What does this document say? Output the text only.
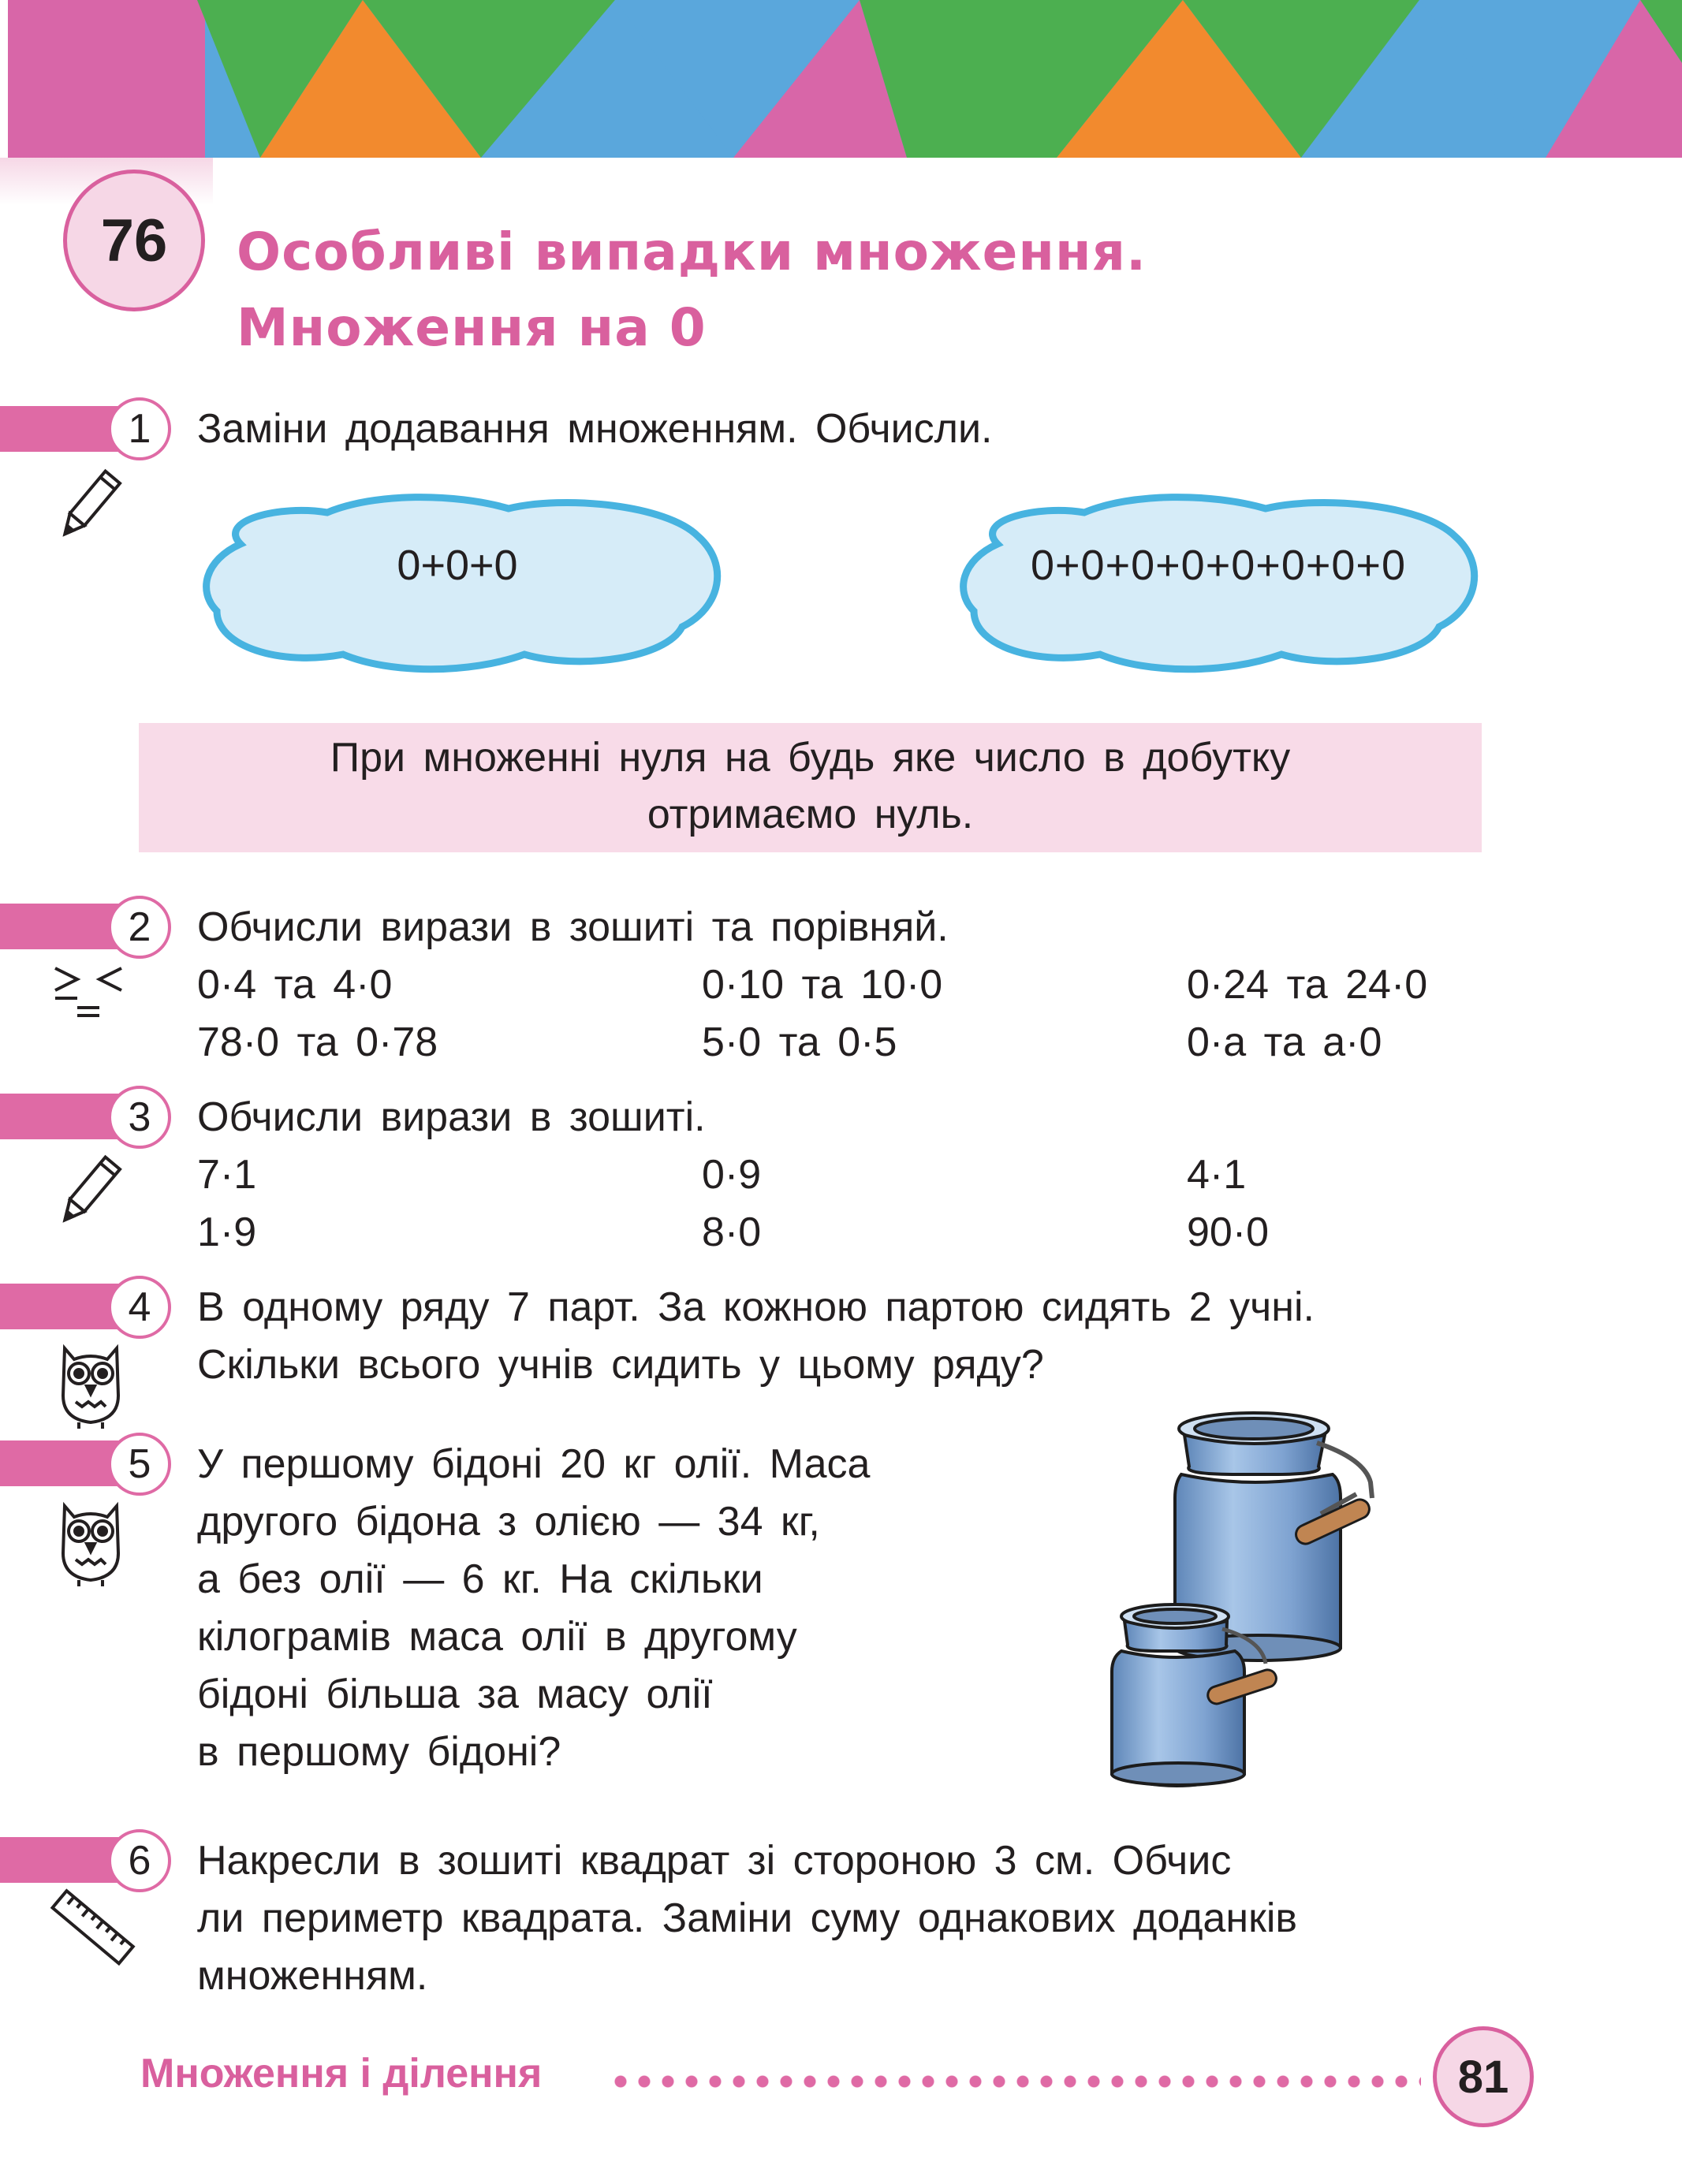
76	Особливі випадки множення.
Множення на 0
1	Заміни додавання множенням. Обчисли.
0+0+0	0+0+0+0+0+0+0+0
При множенні нуля на будь яке число в добутку
отримаємо нуль.
2	Обчисли вирази в зошиті та порівняй.
0·4 та 4·0	0·10 та 10·0	0·24 та 24·0
78·0 та 0·78	5·0 та 0·5	0·a та a·0
3	Обчисли вирази в зошиті.
7·1	0·9	4·1
1·9	8·0	90·0
4	В одному ряду 7 парт. За кожною партою сидять 2 учні.
Скільки всього учнів сидить у цьому ряду?
5	У першому бідоні 20 кг олії. Маса
другого бідона з олією — 34 кг,
а без олії — 6 кг. На скільки
кілограмів маса олії в другому
бідоні більша за масу олії
в першому бідоні?
6	Накресли в зошиті квадрат зі стороною 3 см. Обчис
ли периметр квадрата. Заміни суму однакових доданків
множенням.
Множення і ділення	81
